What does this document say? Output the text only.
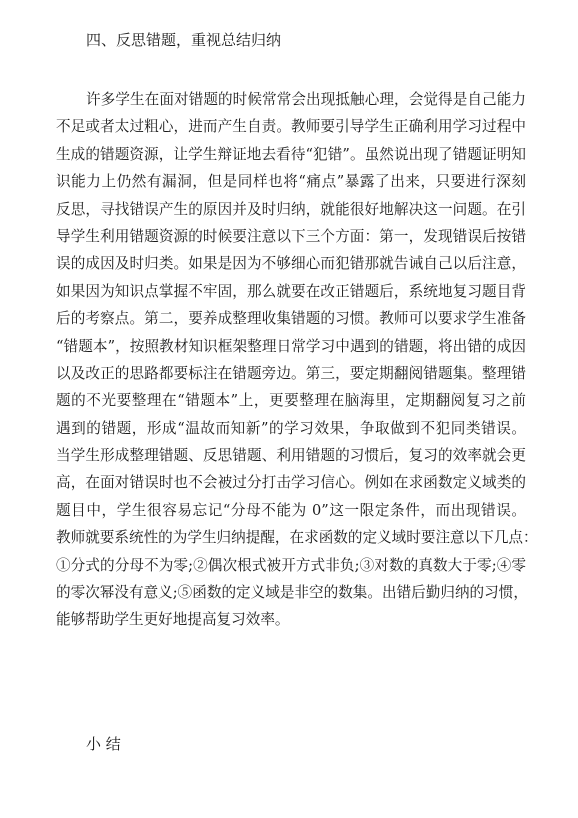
四、反思错题，重视总结归纳
许多学生在面对错题的时候常常会出现抵触心理，会觉得是自己能力
不足或者太过粗心，进而产生自责。教师要引导学生正确利用学习过程中
生成的错题资源，让学生辩证地去看待“犯错”。虽然说出现了错题证明知
识能力上仍然有漏洞，但是同样也将“痛点”暴露了出来，只要进行深刻
反思，寻找错误产生的原因并及时归纳，就能很好地解决这一问题。在引
导学生利用错题资源的时候要注意以下三个方面：第一，发现错误后按错
误的成因及时归类。如果是因为不够细心而犯错那就告诫自己以后注意，
如果因为知识点掌握不牢固，那么就要在改正错题后，系统地复习题目背
后的考察点。第二，要养成整理收集错题的习惯。教师可以要求学生准备
“错题本”，按照教材知识框架整理日常学习中遇到的错题，将出错的成因
以及改正的思路都要标注在错题旁边。第三，要定期翻阅错题集。整理错
题的不光要整理在“错题本”上，更要整理在脑海里，定期翻阅复习之前
遇到的错题，形成“温故而知新”的学习效果，争取做到不犯同类错误。
当学生形成整理错题、反思错题、利用错题的习惯后，复习的效率就会更
高，在面对错误时也不会被过分打击学习信心。例如在求函数定义域类的
题目中，学生很容易忘记“分母不能为 0”这一限定条件，而出现错误。
教师就要系统性的为学生归纳提醒，在求函数的定义域时要注意以下几点：
①分式的分母不为零;②偶次根式被开方式非负;③对数的真数大于零;④零
的零次幂没有意义;⑤函数的定义域是非空的数集。出错后勤归纳的习惯，
能够帮助学生更好地提高复习效率。
小 结
